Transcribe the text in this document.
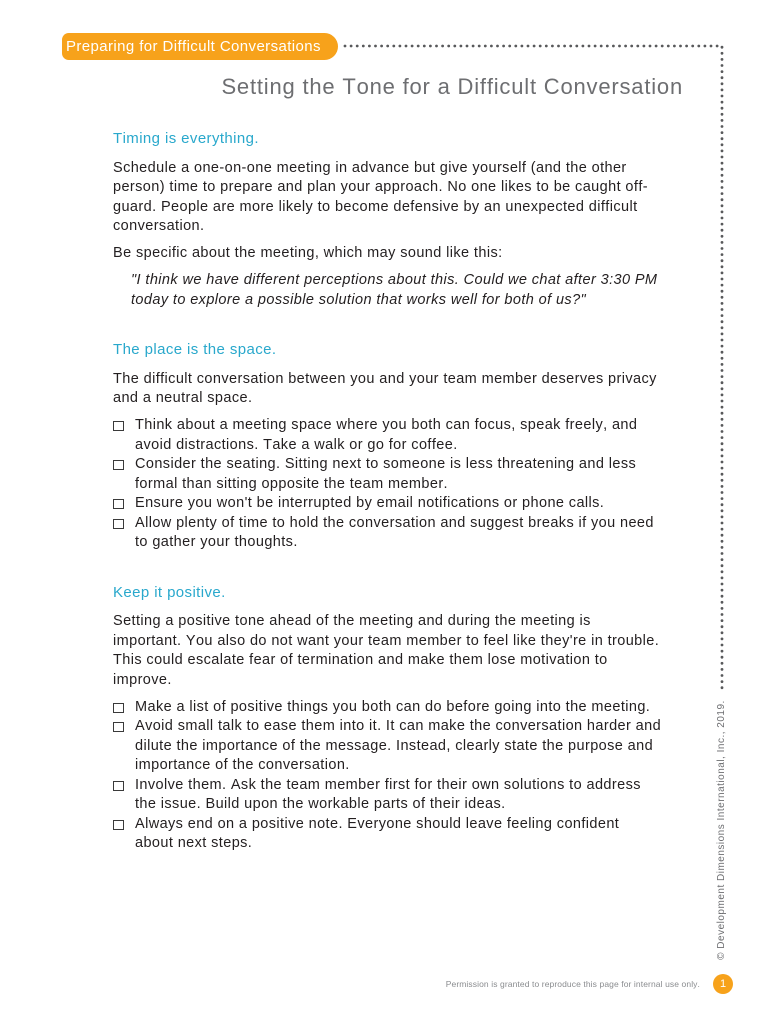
Preparing for Difficult Conversations
Setting the Tone for a Difficult Conversation
Timing is everything.

Schedule a one-on-one meeting in advance but give yourself (and the other person) time to prepare and plan your approach. No one likes to be caught off-guard. People are more likely to become defensive by an unexpected difficult conversation.

Be specific about the meeting, which may sound like this:

"I think we have different perceptions about this. Could we chat after 3:30 PM today to explore a possible solution that works well for both of us?"

The place is the space.

The difficult conversation between you and your team member deserves privacy and a neutral space.

Think about a meeting space where you both can focus, speak freely, and avoid distractions. Take a walk or go for coffee.
Consider the seating. Sitting next to someone is less threatening and less formal than sitting opposite the team member.
Ensure you won't be interrupted by email notifications or phone calls.
Allow plenty of time to hold the conversation and suggest breaks if you need to gather your thoughts.
Keep it positive.

Setting a positive tone ahead of the meeting and during the meeting is important. You also do not want your team member to feel like they're in trouble. This could escalate fear of termination and make them lose motivation to improve.

Make a list of positive things you both can do before going into the meeting.
Avoid small talk to ease them into it. It can make the conversation harder and dilute the importance of the message. Instead, clearly state the purpose and importance of the conversation.
Involve them. Ask the team member first for their own solutions to address the issue. Build upon the workable parts of their ideas.
Always end on a positive note. Everyone should leave feeling confident about next steps.	© Development Dimensions International, Inc., 2019.
Permission is granted to reproduce this page for internal use only.	1
